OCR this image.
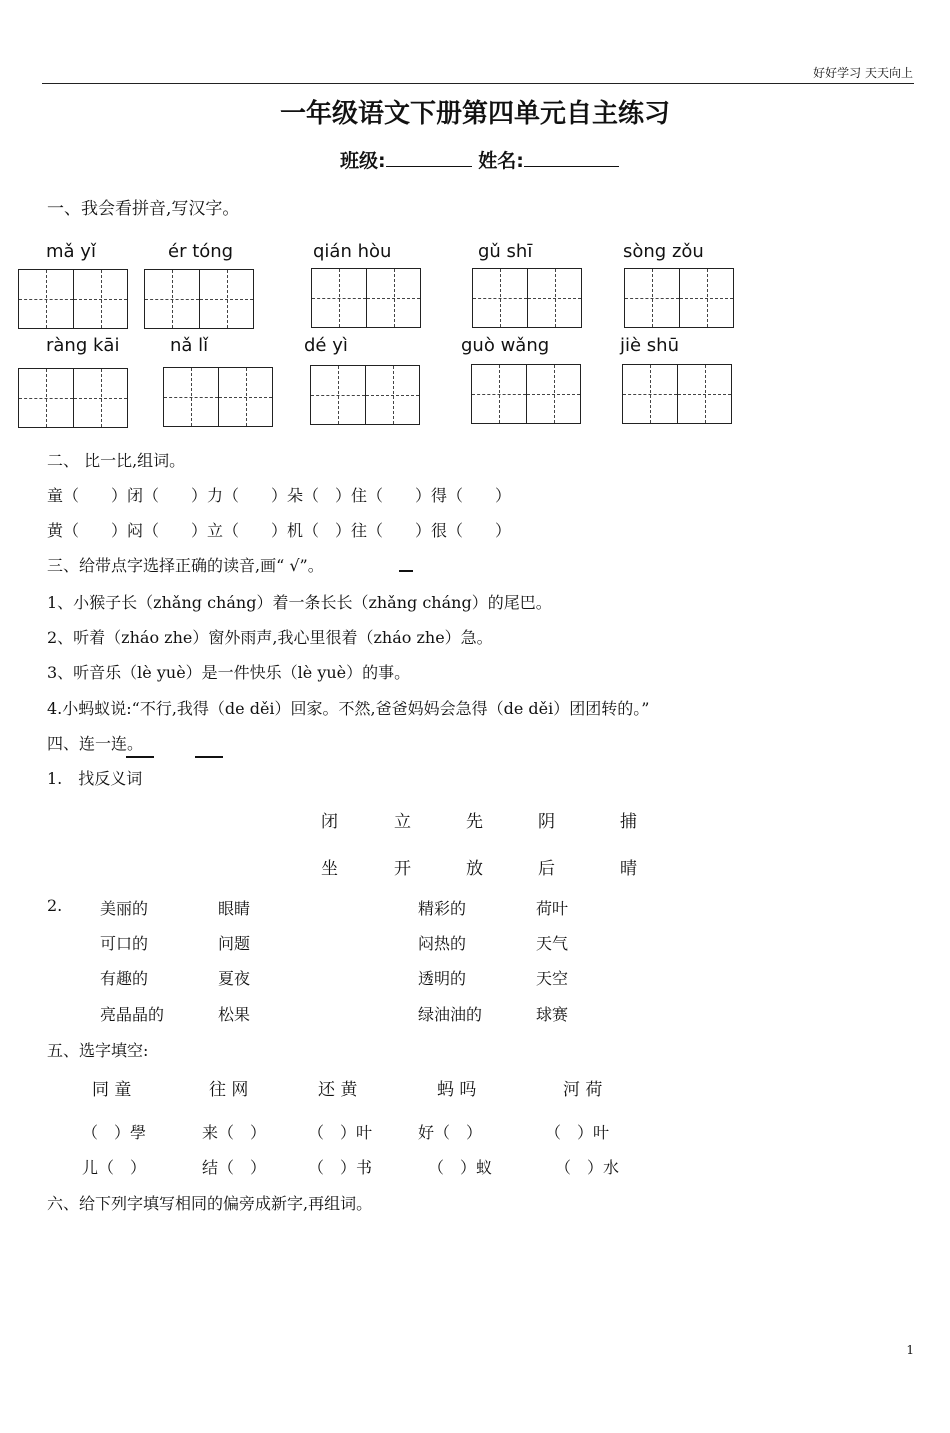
好好学习 天天向上
一年级语文下册第四单元自主练习
班级:	姓名:
一、我会看拼音,写汉字。
mǎ yǐ	ér tóng	qián hòu	gǔ shī	sòng zǒu
ràng kāi	nǎ lǐ	dé yì	guò wǎng	jiè shū
二、 比一比,组词。
童（　　）闭（　　）力（　　）朵（　）住（　　）得（　　）
黄（　　）闷（　　）立（　　）机（　）往（　　）很（　　）
三、给带点字选择正确的读音,画“ √”。
1、小猴子长（zhǎng cháng）着一条长长（zhǎng cháng）的尾巴。
2、听着（zháo zhe）窗外雨声,我心里很着（zháo zhe）急。
3、听音乐（lè yuè）是一件快乐（lè yuè）的事。
4.小蚂蚁说:“不行,我得（de děi）回家。不然,爸爸妈妈会急得（de děi）团团转的。”
四、连一连。
1.　找反义词
闭	立	先	阴	捕
坐	开	放	后	晴
2. 美丽的	眼睛	精彩的	荷叶
可口的	问题	闷热的	天气
有趣的	夏夜	透明的	天空
亮晶晶的	松果	绿油油的	球赛
五、选字填空:
同 童	往 网	还 黄	蚂 吗	河 荷
（　）學	来（　）	（　）叶	好（　）	（　）叶
儿（　）	结（　）	（　）书	（　）蚁	（　）水
六、给下列字填写相同的偏旁成新字,再组词。
1
